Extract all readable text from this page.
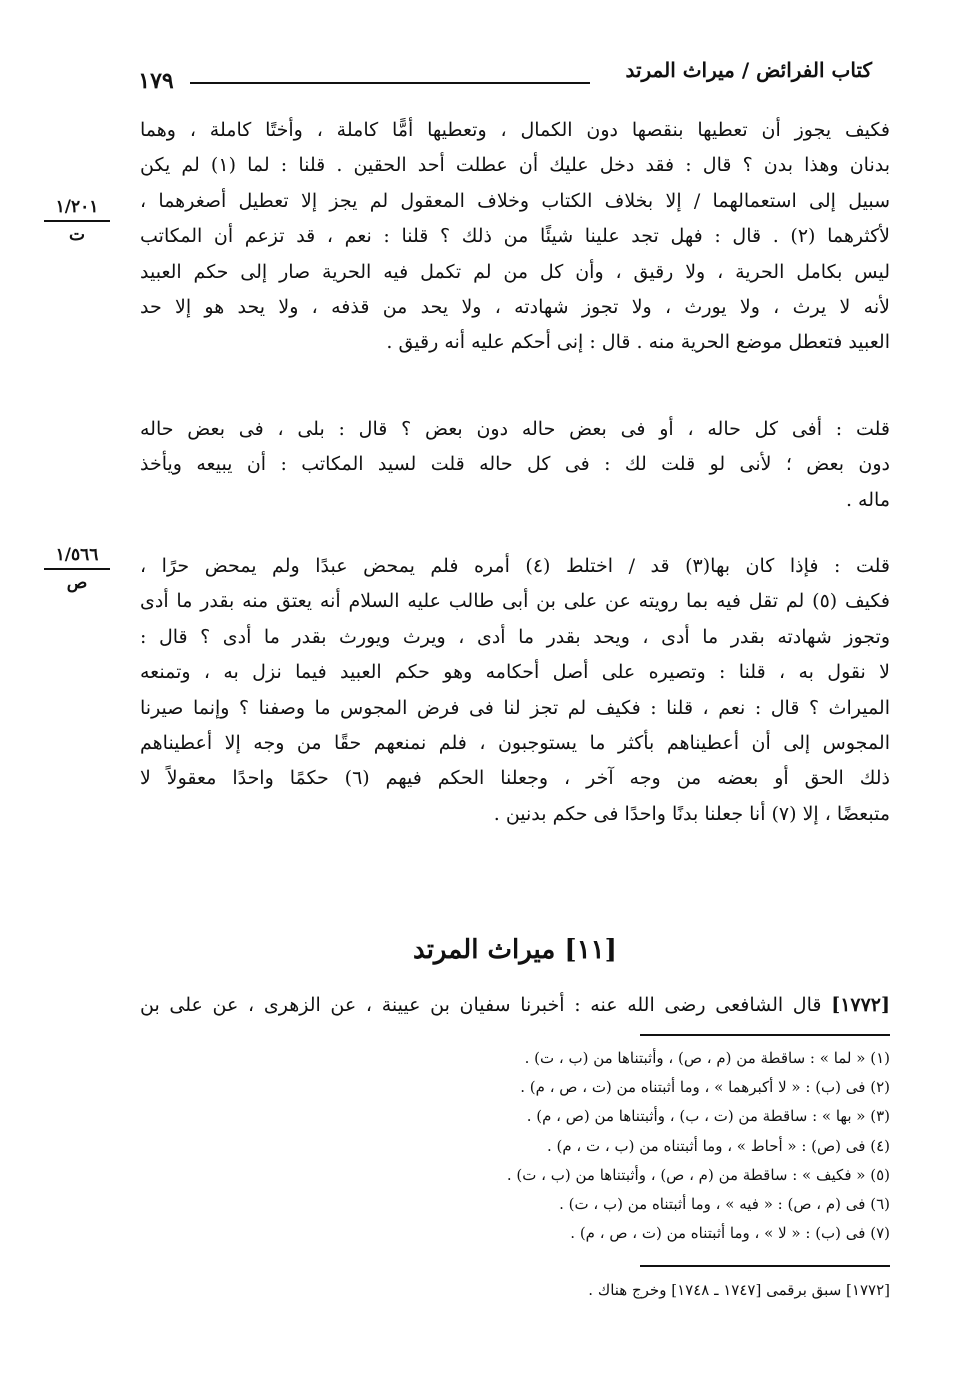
كتاب الفرائض / ميراث المرتد
١٧٩
١/٢٠١
ت
١/٥٦٦
ص
فكيف يجوز أن تعطيها بنقصها دون الكمال ، وتعطيها أمًّا كاملة ، وأختًا كاملة ، وهما
بدنان وهذا بدن ؟ قال : فقد دخل عليك أن عطلت أحد الحقين . قلنا : لما (١) لم يكن
سبيل إلى استعمالهما / إلا بخلاف الكتاب وخلاف المعقول لم يجز إلا تعطيل أصغرهما ،
لأكثرهما (٢) . قال : فهل تجد علينا شيئًا من ذلك ؟ قلنا : نعم ، قد تزعم أن المكاتب
ليس بكامل الحرية ، ولا رقيق ، وأن كل من لم تكمل فيه الحرية صار إلى حكم العبيد
لأنه لا يرث ، ولا يورث ، ولا تجوز شهادته ، ولا يحد من قذفه ، ولا يحد هو إلا حد
العبيد فتعطل موضع الحرية منه . قال : إنى أحكم عليه أنه رقيق .
قلت : أفى كل حاله ، أو فى بعض حاله دون بعض ؟ قال : بلى ، فى بعض حاله
دون بعض ؛ لأنى لو قلت لك : فى كل حاله قلت لسيد المكاتب : أن يبيعه ويأخذ
ماله .
قلت : فإذا كان بها(٣) قد / اختلط (٤) أمره فلم يمحض عبدًا ولم يمحض حرًا ،
فكيف (٥) لم تقل فيه بما رويته عن على بن أبى طالب عليه السلام أنه يعتق منه بقدر ما أدى
وتجوز شهادته بقدر ما أدى ، ويحد بقدر ما أدى ، ويرث ويورث بقدر ما أدى ؟ قال :
لا نقول به ، قلنا : وتصيره على أصل أحكامه وهو حكم العبيد فيما نزل به ، وتمنعه
الميراث ؟ قال : نعم ، قلنا : فكيف لم تجز لنا فى فرض المجوس ما وصفنا ؟ وإنما صيرنا
المجوس إلى أن أعطيناهم بأكثر ما يستوجبون ، فلم نمنعهم حقًا من وجه إلا أعطيناهم
ذلك الحق أو بعضه من وجه آخر ، وجعلنا الحكم فيهم (٦) حكمًا واحدًا معقولاً لا
متبعضًا ، إلا (٧) أنا جعلنا بدنًا واحدًا فى حكم بدنين .
[١١] ميراث المرتد
[١٧٧٢] قال الشافعى رضى الله عنه : أخبرنا سفيان بن عيينة ، عن الزهرى ، عن على بن
(١) « لما » : ساقطة من (م ، ص) ، وأثبتناها من (ب ، ت) .
(٢) فى (ب) : « لا أكبرهما » ، وما أثبتناه من (ت ، ص ، م) .
(٣) « بها » : ساقطة من (ت ، ب) ، وأثبتناها من (ص ، م) .
(٤) فى (ص) : « أحاط » ، وما أثبتناه من (ب ، ت ، م) .
(٥) « فكيف » : ساقطة من (م ، ص) ، وأثبتناها من (ب ، ت) .
(٦) فى (م ، ص) : « فيه » ، وما أثبتناه من (ب ، ت) .
(٧) فى (ب) : « لا » ، وما أثبتناه من (ت ، ص ، م) .
[١٧٧٢] سبق برقمى [١٧٤٧ ـ ١٧٤٨] وخرج هناك .
